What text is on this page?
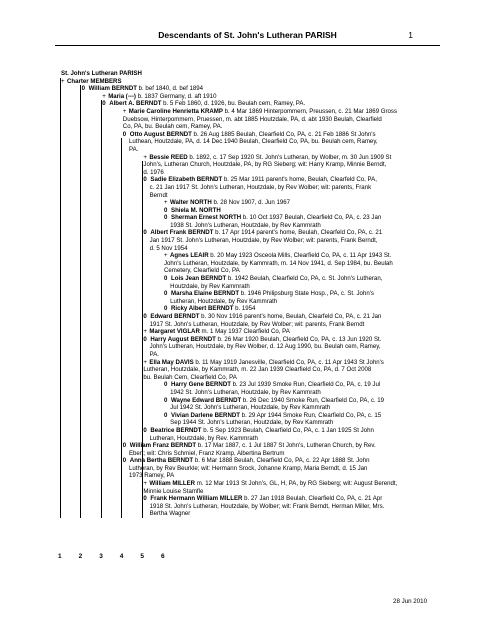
Descendants of St. John's Lutheran PARISH	1
St. John's Lutheran PARISH
+ Charter MEMBERS
0 William BERNDT b. bef 1840, d. bef 1894
+ Maria (---) b. 1837 Germany, d. aft 1910
0 Albert A. BERNDT b. 5 Feb 1860, d. 1926, bu. Beulah cem, Ramey, PA.
+ Marie Caroline Henrietta KRAMP b. 4 Mar 1869 Hinterpommern, Preussen, c. 21 Mar 1869 Gross
Duebsow, Hinterpommern, Pruessen, m. abt 1885 Houtzdale, PA, d. abt 1930 Beulah, Clearfield
Co, PA, bu. Beulah cem, Ramey, PA.
0 Otto August BERNDT b. 26 Aug 1885 Beulah, Clearfield Co, PA, c. 21 Feb 1886 St John's
Luthean, Houtzdale, PA, d. 14 Dec 1940 Beulah, Clearfield Co, PA, bu. Beulah cem, Ramey,
PA.
+ Bessie REED b. 1892, c. 17 Sep 1920 St. John's Lutheran, by Wolber, m. 30 Jun 1909 St
John's, Lutheran Church, Houtzdale, PA, by RG Sieberg; wit: Harry Kramp, Minnie Berndt,
d. 1976
0 Sadie Elizabeth BERNDT b. 25 Mar 1911 parent's home, Beulah, Clearfeld Co, PA,
c. 21 Jan 1917 St. John's Lutheran, Houtzdale, by Rev Wolber; wit: parents, Frank
Berndt
+ Walter NORTH b. 28 Nov 1907, d. Jun 1967
0 Shiela M. NORTH
0 Sherman Ernest NORTH b. 10 Oct 1937 Beulah, Clearfield Co, PA, c. 23 Jan
1938 St. John's Lutheran, Houtzdale, by Rev Kammrath
0 Albert Frank BERNDT b. 17 Apr 1914 parent's home, Beulah, Clearfeld Co, PA, c. 21
Jan 1917 St. John's Lutheran, Houtzdale, by Rev Wolber; wit: parents, Frank Berndt,
d. 5 Nov 1954
+ Agnes LEAIR b. 20 May 1923 Osceola Mills, Clearfield Co, PA, c. 11 Apr 1943 St.
John's Lutheran, Houtzdale, by Kammrath, m. 14 Nov 1941, d. Sep 1984, bu. Beulah
Cemetery, Clearfield Co, PA
0 Lois Jean BERNDT b. 1942 Beulah, Clearfield Co, PA, c. St. John's Lutheran,
Houtzdale, by Rev Kammrath
0 Marsha Elaine BERNDT b. 1946 Philipsburg State Hosp., PA, c. St. John's
Lutheran, Houtzdale, by Rev Kammrath
0 Ricky Albert BERNDT b. 1954
0 Edward BERNDT b. 30 Nov 1916 parent's home, Beulah, Clearfeld Co, PA, c. 21 Jan
1917 St. John's Lutheran, Houtzdale, by Rev Wolber; wit: parents, Frank Berndt
+ Margaret VIGLAR m. 1 May 1937 Clearfield Co, PA
0 Harry August BERNDT b. 26 Mar 1920 Beulah, Clearfield Co, PA, c. 13 Jun 1920 St.
John's Lutheran, Houtzdale, by Rev Wolber, d. 12 Aug 1990, bu. Beulah cem, Ramey,
PA.
+ Ella May DAVIS b. 11 May 1919 Janesville, Clearfield Co, PA, c. 11 Apr 1943 St John's
Lutheran, Houtzdale, by Kammrath, m. 22 Jan 1939 Clearfield Co, PA, d. 7 Oct 2008
bu. Beulah Cem, Clearfield Co, PA
0 Harry Gene BERNDT b. 23 Jul 1939 Smoke Run, Clearfield Co, PA, c. 19 Jul
1942 St. John's Lutheran, Houtzdale, by Rev Kammrath
0 Wayne Edward BERNDT b. 26 Dec 1940 Smoke Run, Clearfield Co, PA, c. 19
Jul 1942 St. John's Lutheran, Houtzdale, by Rev Kammrath
0 Vivian Darlene BERNDT b. 29 Apr 1944 Smoke Run, Clearfield Co, PA, c. 15
Sep 1944 St. John's Lutheran, Houtzdale, by Rev Kammrath
0 Beatrice BERNDT b. 5 Sep 1923 Beulah, Clearfield Co, PA, c. 1 Jan 1925 St John
Lutheran, Houtzdale, by Rev. Kammrath
0 William Franz BERNDT b. 17 Mar 1887, c. 1 Jul 1887 St John's, Lutheran Church, by Rev.
Ebert; wit: Chris Schmiel, Franz Kramp, Albertina Bertrum
0 Anna Bertha BERNDT b. 6 Mar 1888 Beulah, Clearfield Co, PA, c. 22 Apr 1888 St. John
Lutheran, by Rev Beurkle; wit: Hermann Srock, Johanne Kramp, Maria Berndt, d. 15 Jan
1973 Ramey, PA
+ William MILLER m. 12 Mar 1913 St John's, GL, H, PA, by RG Sieberg; wit: August Berendt,
Minnie Louise Stamfle
0 Frank Hermann William MILLER b. 27 Jan 1918 Beulah, Clearfield Co, PA, c. 21 Apr
1918 St. John's Lutheran, Houtzdale, by Wolber; wit: Frank Berndt, Herman Miller, Mrs.
Bertha Wagner
1	2	3	4	5	6
28 Jun 2010
